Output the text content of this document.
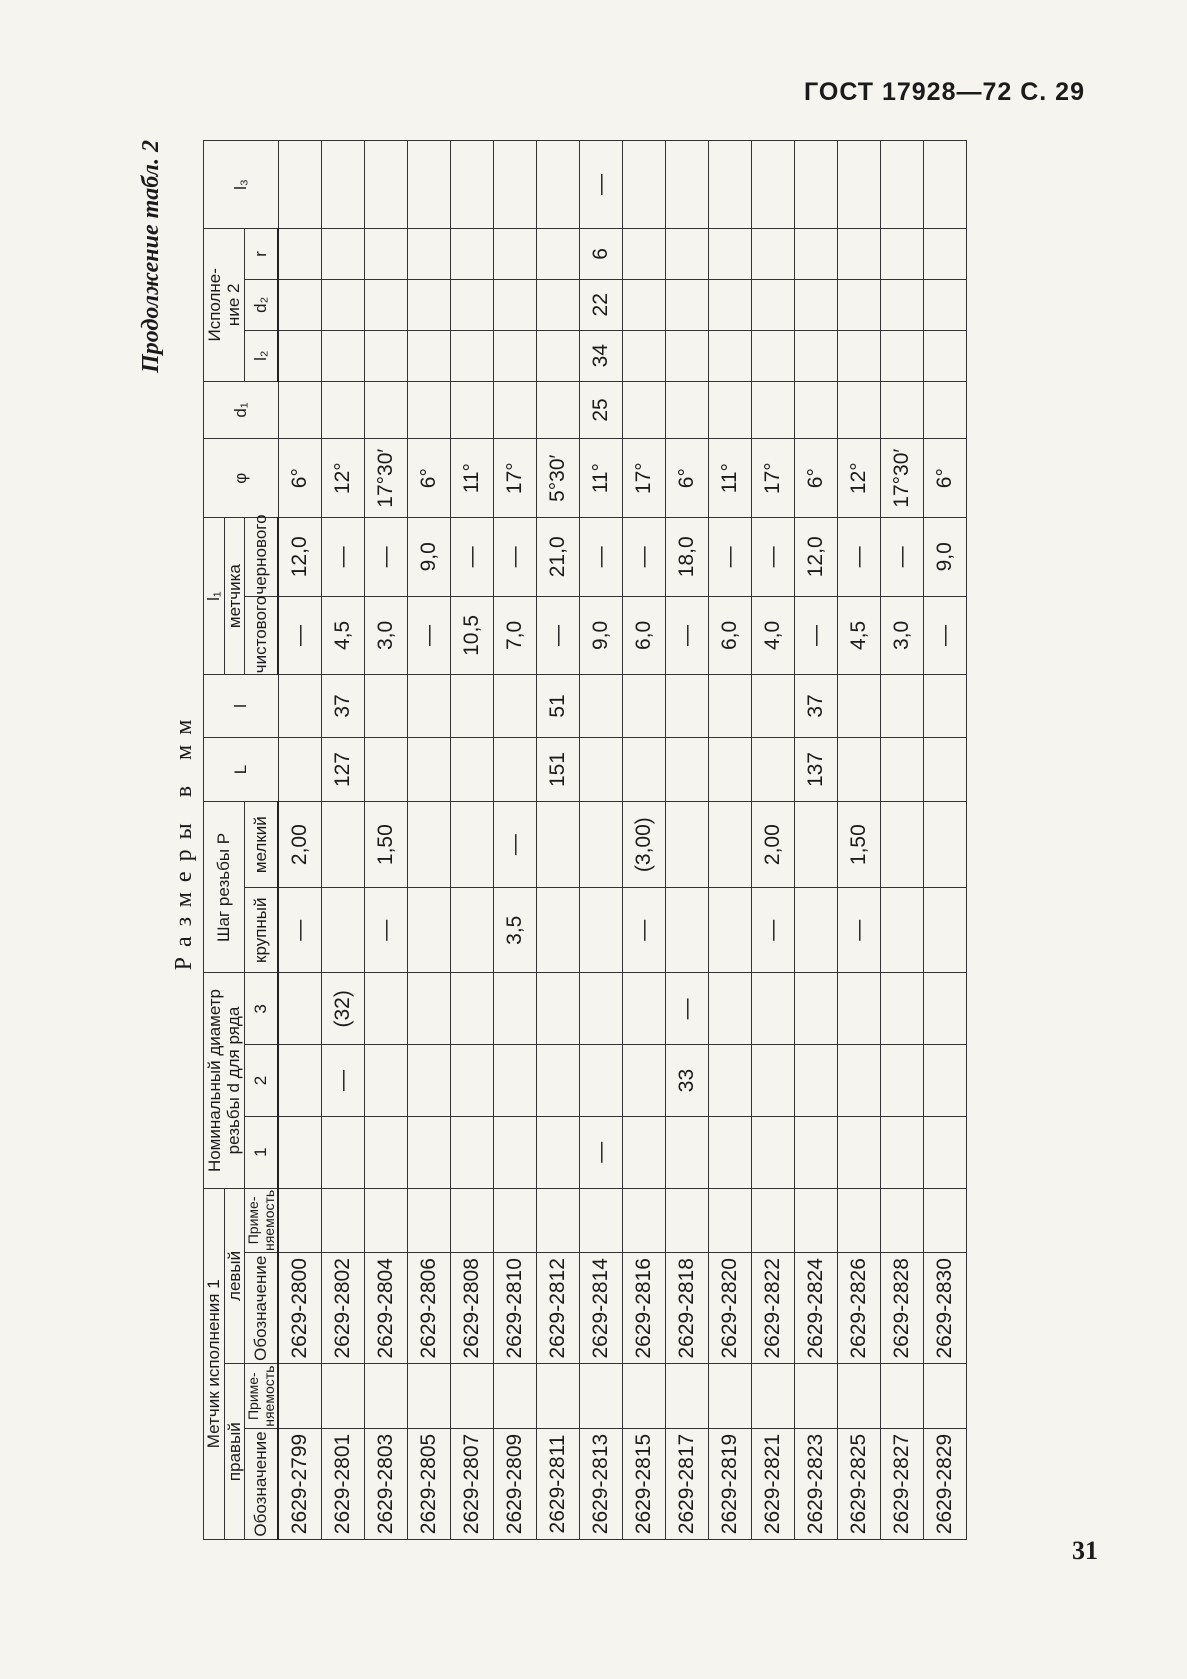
ГОСТ 17928—72 С. 29
Продолжение табл. 2
Размеры в мм
Метчик исполнения 1				Номинальный диаметр резьбы d для ряда			Шаг резьбы P		L	l	l₁		φ	d₁	Исполне-
ние 2			l₃
правый		левый									метчика							
Обозначение	Приме-
няемость	Обозначение	Приме-
няемость	1	2	3	крупный	мелкий			чистового	чернового			l₂	d₂	r	
2629-2799		2629-2800					—	2,00			—	12,0	6°					
2629-2801		2629-2802			—	(32)			127	37	4,5	—	12°					
2629-2803		2629-2804					—	1,50			3,0	—	17°30′					
2629-2805		2629-2806									—	9,0	6°					
2629-2807		2629-2808									10,5	—	11°					
2629-2809		2629-2810					3,5	—			7,0	—	17°					
2629-2811		2629-2812							151	51	—	21,0	5°30′					
2629-2813		2629-2814		—							9,0	—	11°	25	34	22	6	—
2629-2815		2629-2816					—	(3,00)			6,0	—	17°					
2629-2817		2629-2818			33	—					—	18,0	6°					
2629-2819		2629-2820									6,0	—	11°					
2629-2821		2629-2822					—	2,00			4,0	—	17°					
2629-2823		2629-2824							137	37	—	12,0	6°					
2629-2825		2629-2826					—	1,50			4,5	—	12°					
2629-2827		2629-2828									3,0	—	17°30′					
2629-2829		2629-2830									—	9,0	6°					
31
